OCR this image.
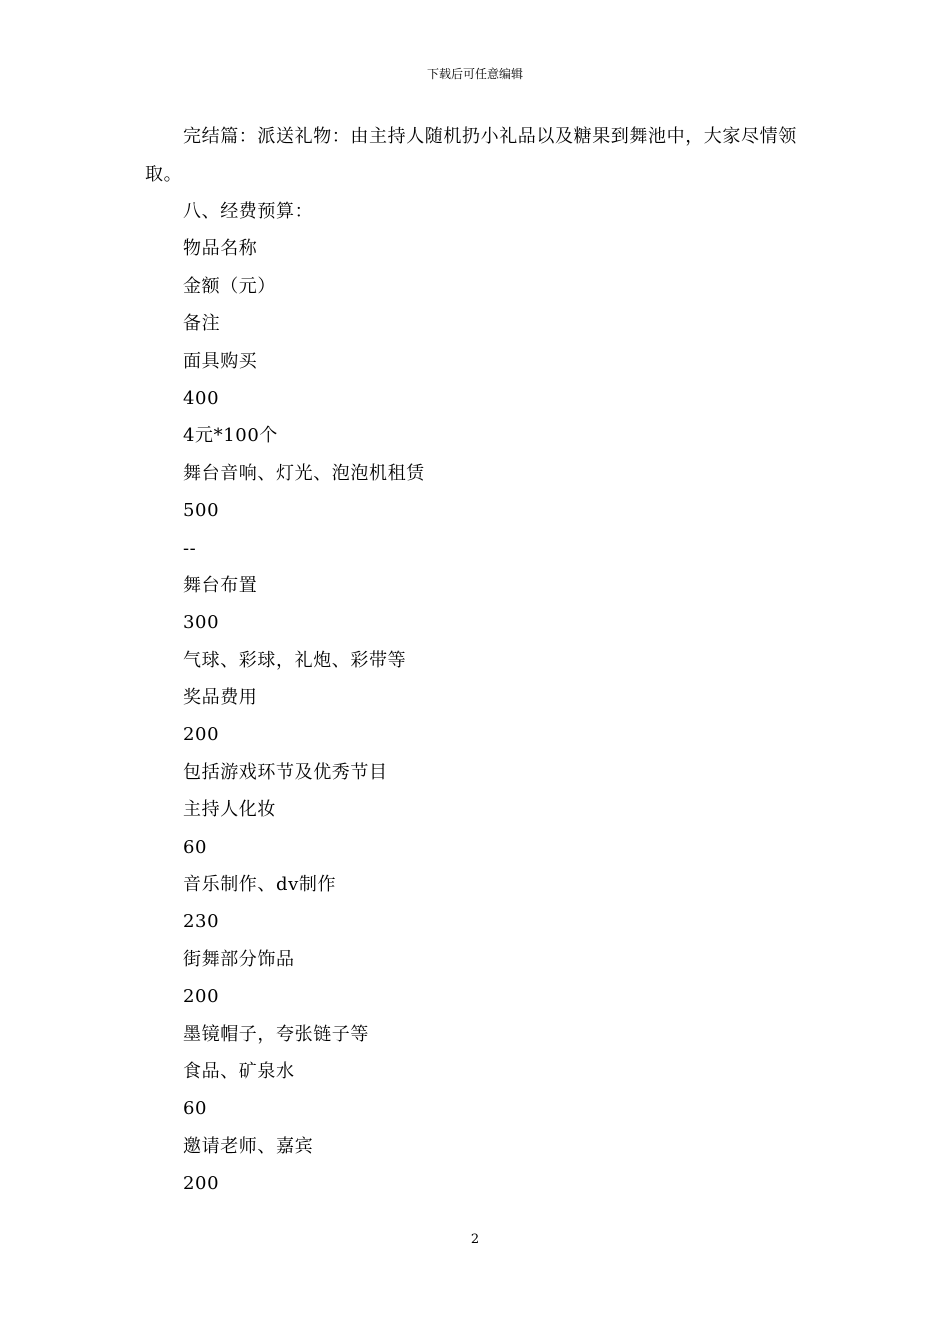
下载后可任意编辑
完结篇：派送礼物：由主持人随机扔小礼品以及糖果到舞池中，大家尽情领取。
八、经费预算：
物品名称
金额（元）
备注
面具购买
400
4元*100个
舞台音响、灯光、泡泡机租赁
500
--
舞台布置
300
气球、彩球，礼炮、彩带等
奖品费用
200
包括游戏环节及优秀节目
主持人化妆
60
音乐制作、dv制作
230
街舞部分饰品
200
墨镜帽子，夸张链子等
食品、矿泉水
60
邀请老师、嘉宾
200
2
